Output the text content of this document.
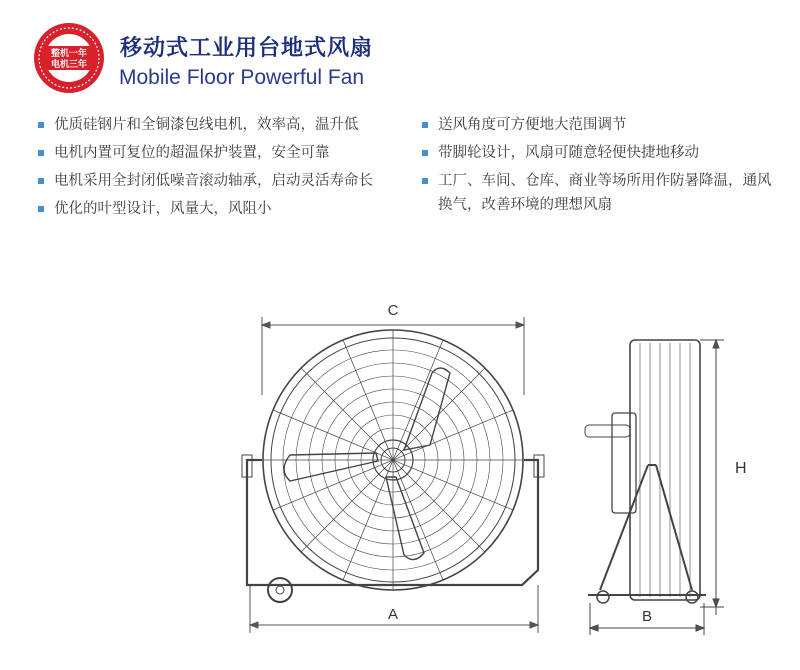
整机一年
电机三年
移动式工业用台地式风扇
Mobile Floor Powerful Fan
优质硅钢片和全铜漆包线电机，效率高，温升低
电机内置可复位的超温保护装置，安全可靠
电机采用全封闭低噪音滚动轴承，启动灵活寿命长
优化的叶型设计，风量大，风阻小
送风角度可方便地大范围调节
带脚轮设计，风扇可随意轻便快捷地移动
工厂、车间、仓库、商业等场所用作防暑降温，通风换气，改善环境的理想风扇
C
A
H
B
